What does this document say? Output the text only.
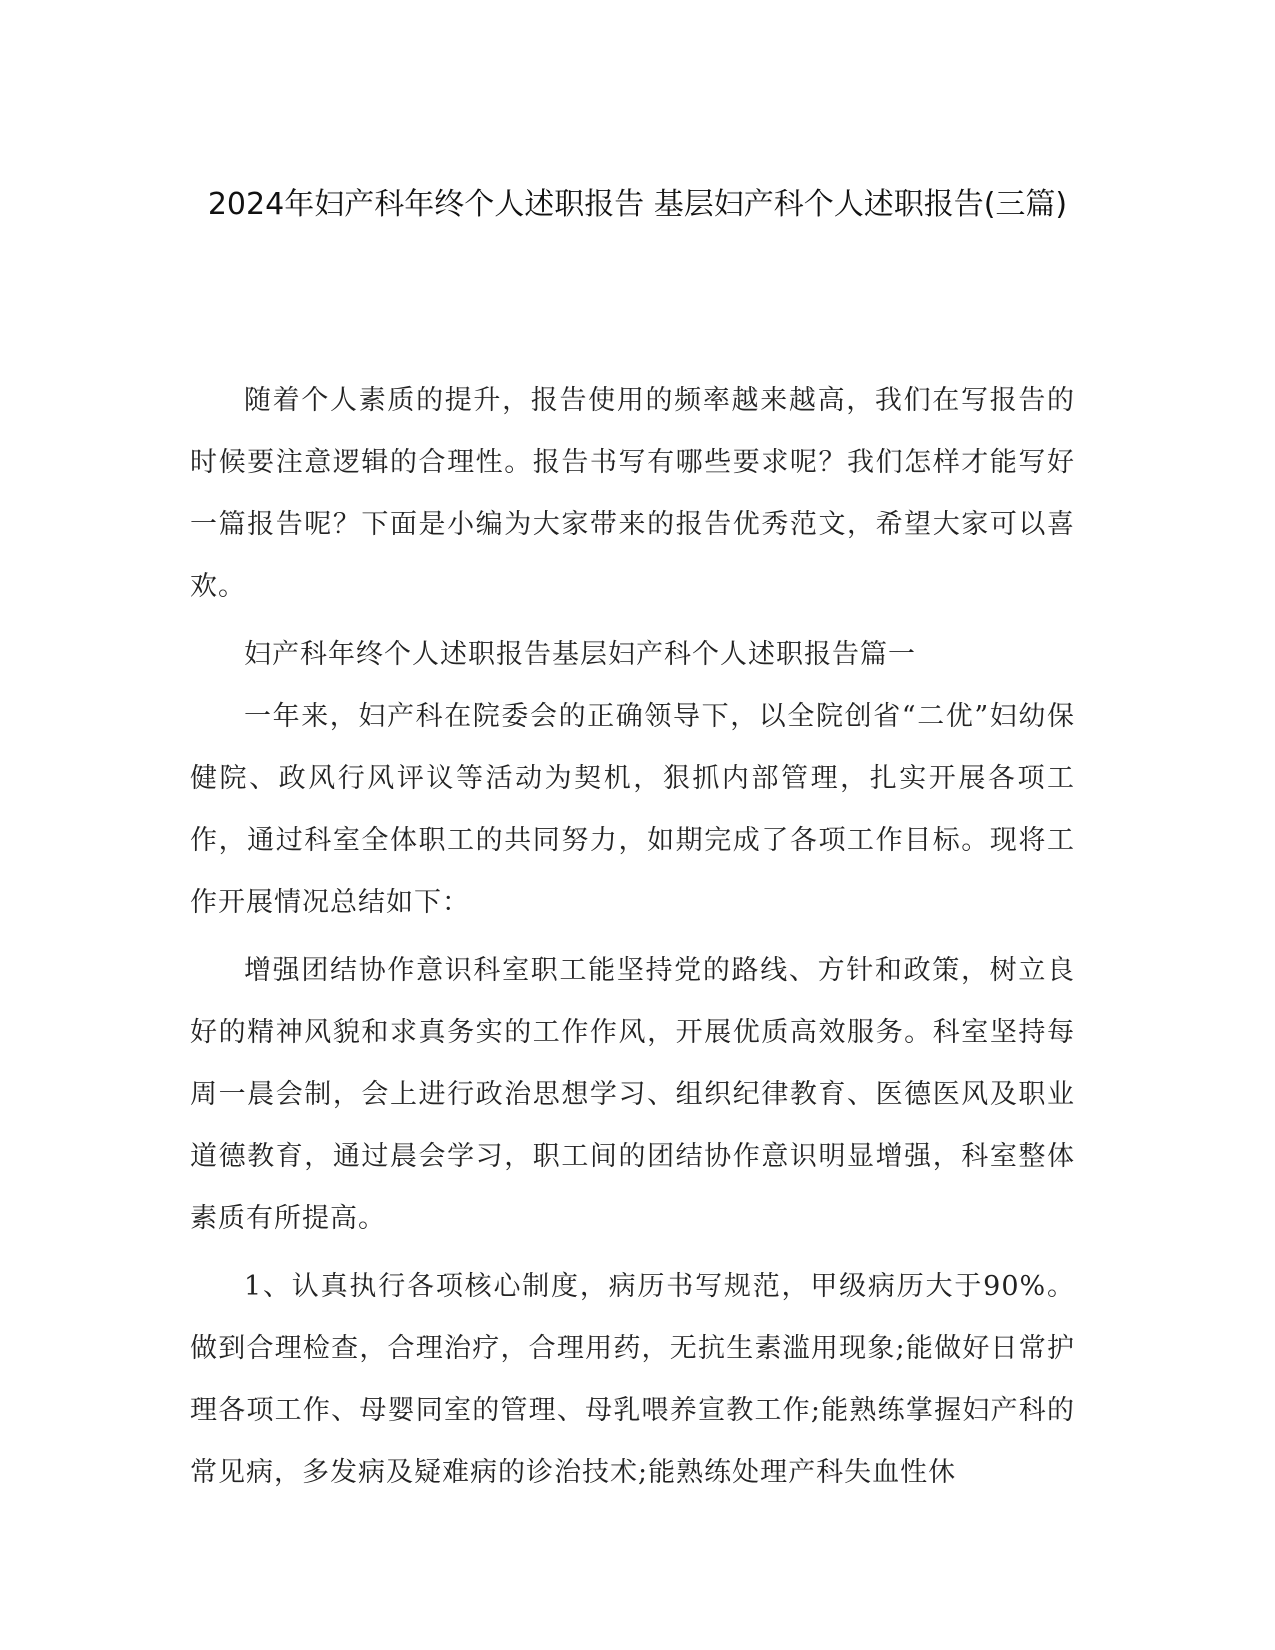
2024年妇产科年终个人述职报告 基层妇产科个人述职报告(三篇)

随着个人素质的提升，报告使用的频率越来越高，我们在写报告的时候要注意逻辑的合理性。报告书写有哪些要求呢？我们怎样才能写好一篇报告呢？下面是小编为大家带来的报告优秀范文，希望大家可以喜欢。

妇产科年终个人述职报告基层妇产科个人述职报告篇一

一年来，妇产科在院委会的正确领导下，以全院创省“二优”妇幼保健院、政风行风评议等活动为契机，狠抓内部管理，扎实开展各项工作，通过科室全体职工的共同努力，如期完成了各项工作目标。现将工作开展情况总结如下：

增强团结协作意识科室职工能坚持党的路线、方针和政策，树立良好的精神风貌和求真务实的工作作风，开展优质高效服务。科室坚持每周一晨会制，会上进行政治思想学习、组织纪律教育、医德医风及职业道德教育，通过晨会学习，职工间的团结协作意识明显增强，科室整体素质有所提高。

1、认真执行各项核心制度，病历书写规范，甲级病历大于90%。做到合理检查，合理治疗，合理用药，无抗生素滥用现象;能做好日常护理各项工作、母婴同室的管理、母乳喂养宣教工作;能熟练掌握妇产科的常见病，多发病及疑难病的诊治技术;能熟练处理产科失血性休
